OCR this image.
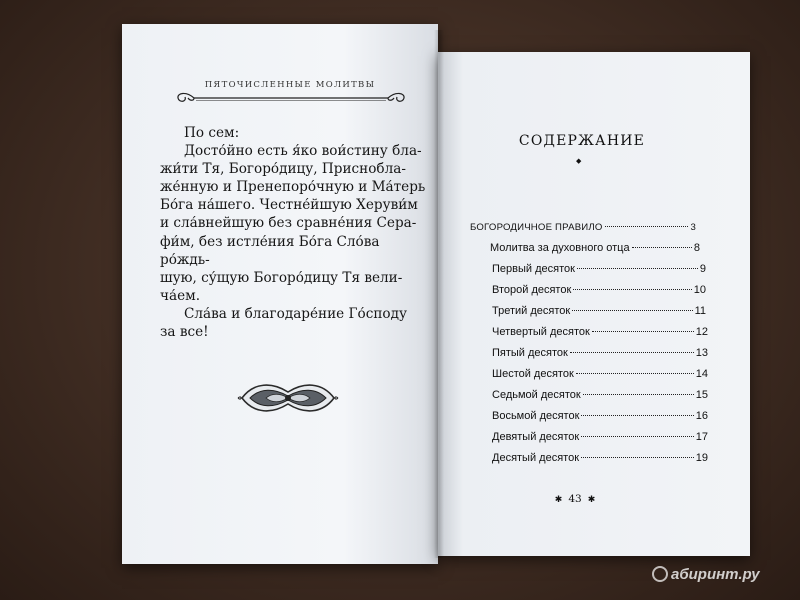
ПЯТОЧИСЛЕННЫЕ МОЛИТВЫ

По сем:

Досто́йно есть я́ко вои́стину бла-

жи́ти Тя, Богоро́дицу, Присноблa-

же́нную и Пренепоро́чную и Ма́терь

Бо́га на́шего. Честне́йшую Херуви́м

и сла́внейшую без сравне́ния Сера-

фи́м, без истле́ния Бо́га Сло́ва ро́ждь-

шую, су́щую Богоро́дицу Тя вели-

ча́ем.

Сла́ва и благодаре́ние Го́споду

за все!

СОДЕРЖАНИЕ
◆
БОГОРОДИЧНОЕ ПРАВИЛО	3
Молитва за духовного отца	8
Первый десяток	9
Второй десяток	10
Третий десяток	11
Четвертый десяток	12
Пятый десяток	13
Шестой десяток	14
Седьмой десяток	15
Восьмой десяток	16
Девятый десяток	17
Десятый десяток	19
✱ 43 ✱
абиринт.ру
